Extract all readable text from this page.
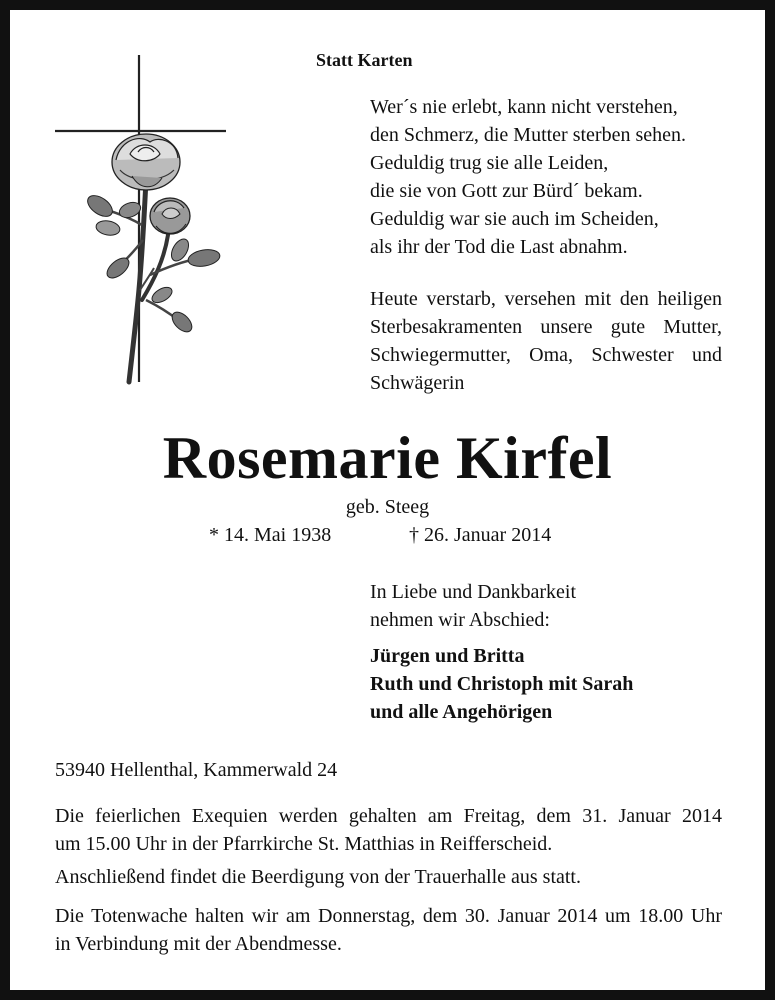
Statt Karten
Wer´s nie erlebt, kann nicht verstehen,
den Schmerz, die Mutter sterben sehen.
Geduldig trug sie alle Leiden,
die sie von Gott zur Bürd´ bekam.
Geduldig war sie auch im Scheiden,
als ihr der Tod die Last abnahm.
Heute verstarb, versehen mit den heiligen
Sterbesakramenten unsere gute Mutter,
Schwiegermutter, Oma, Schwester und
Schwägerin
Rosemarie Kirfel
geb. Steeg
* 14. Mai 1938	† 26. Januar 2014
In Liebe und Dankbarkeit
nehmen wir Abschied:
Jürgen und Britta
Ruth und Christoph mit Sarah
und alle Angehörigen
53940 Hellenthal, Kammerwald 24
Die feierlichen Exequien werden gehalten am Freitag, dem 31. Januar 2014
um 15.00 Uhr in der Pfarrkirche St. Matthias in Reifferscheid.
Anschließend findet die Beerdigung von der Trauerhalle aus statt.
Die Totenwache halten wir am Donnerstag, dem 30. Januar 2014 um 18.00 Uhr
in Verbindung mit der Abendmesse.
